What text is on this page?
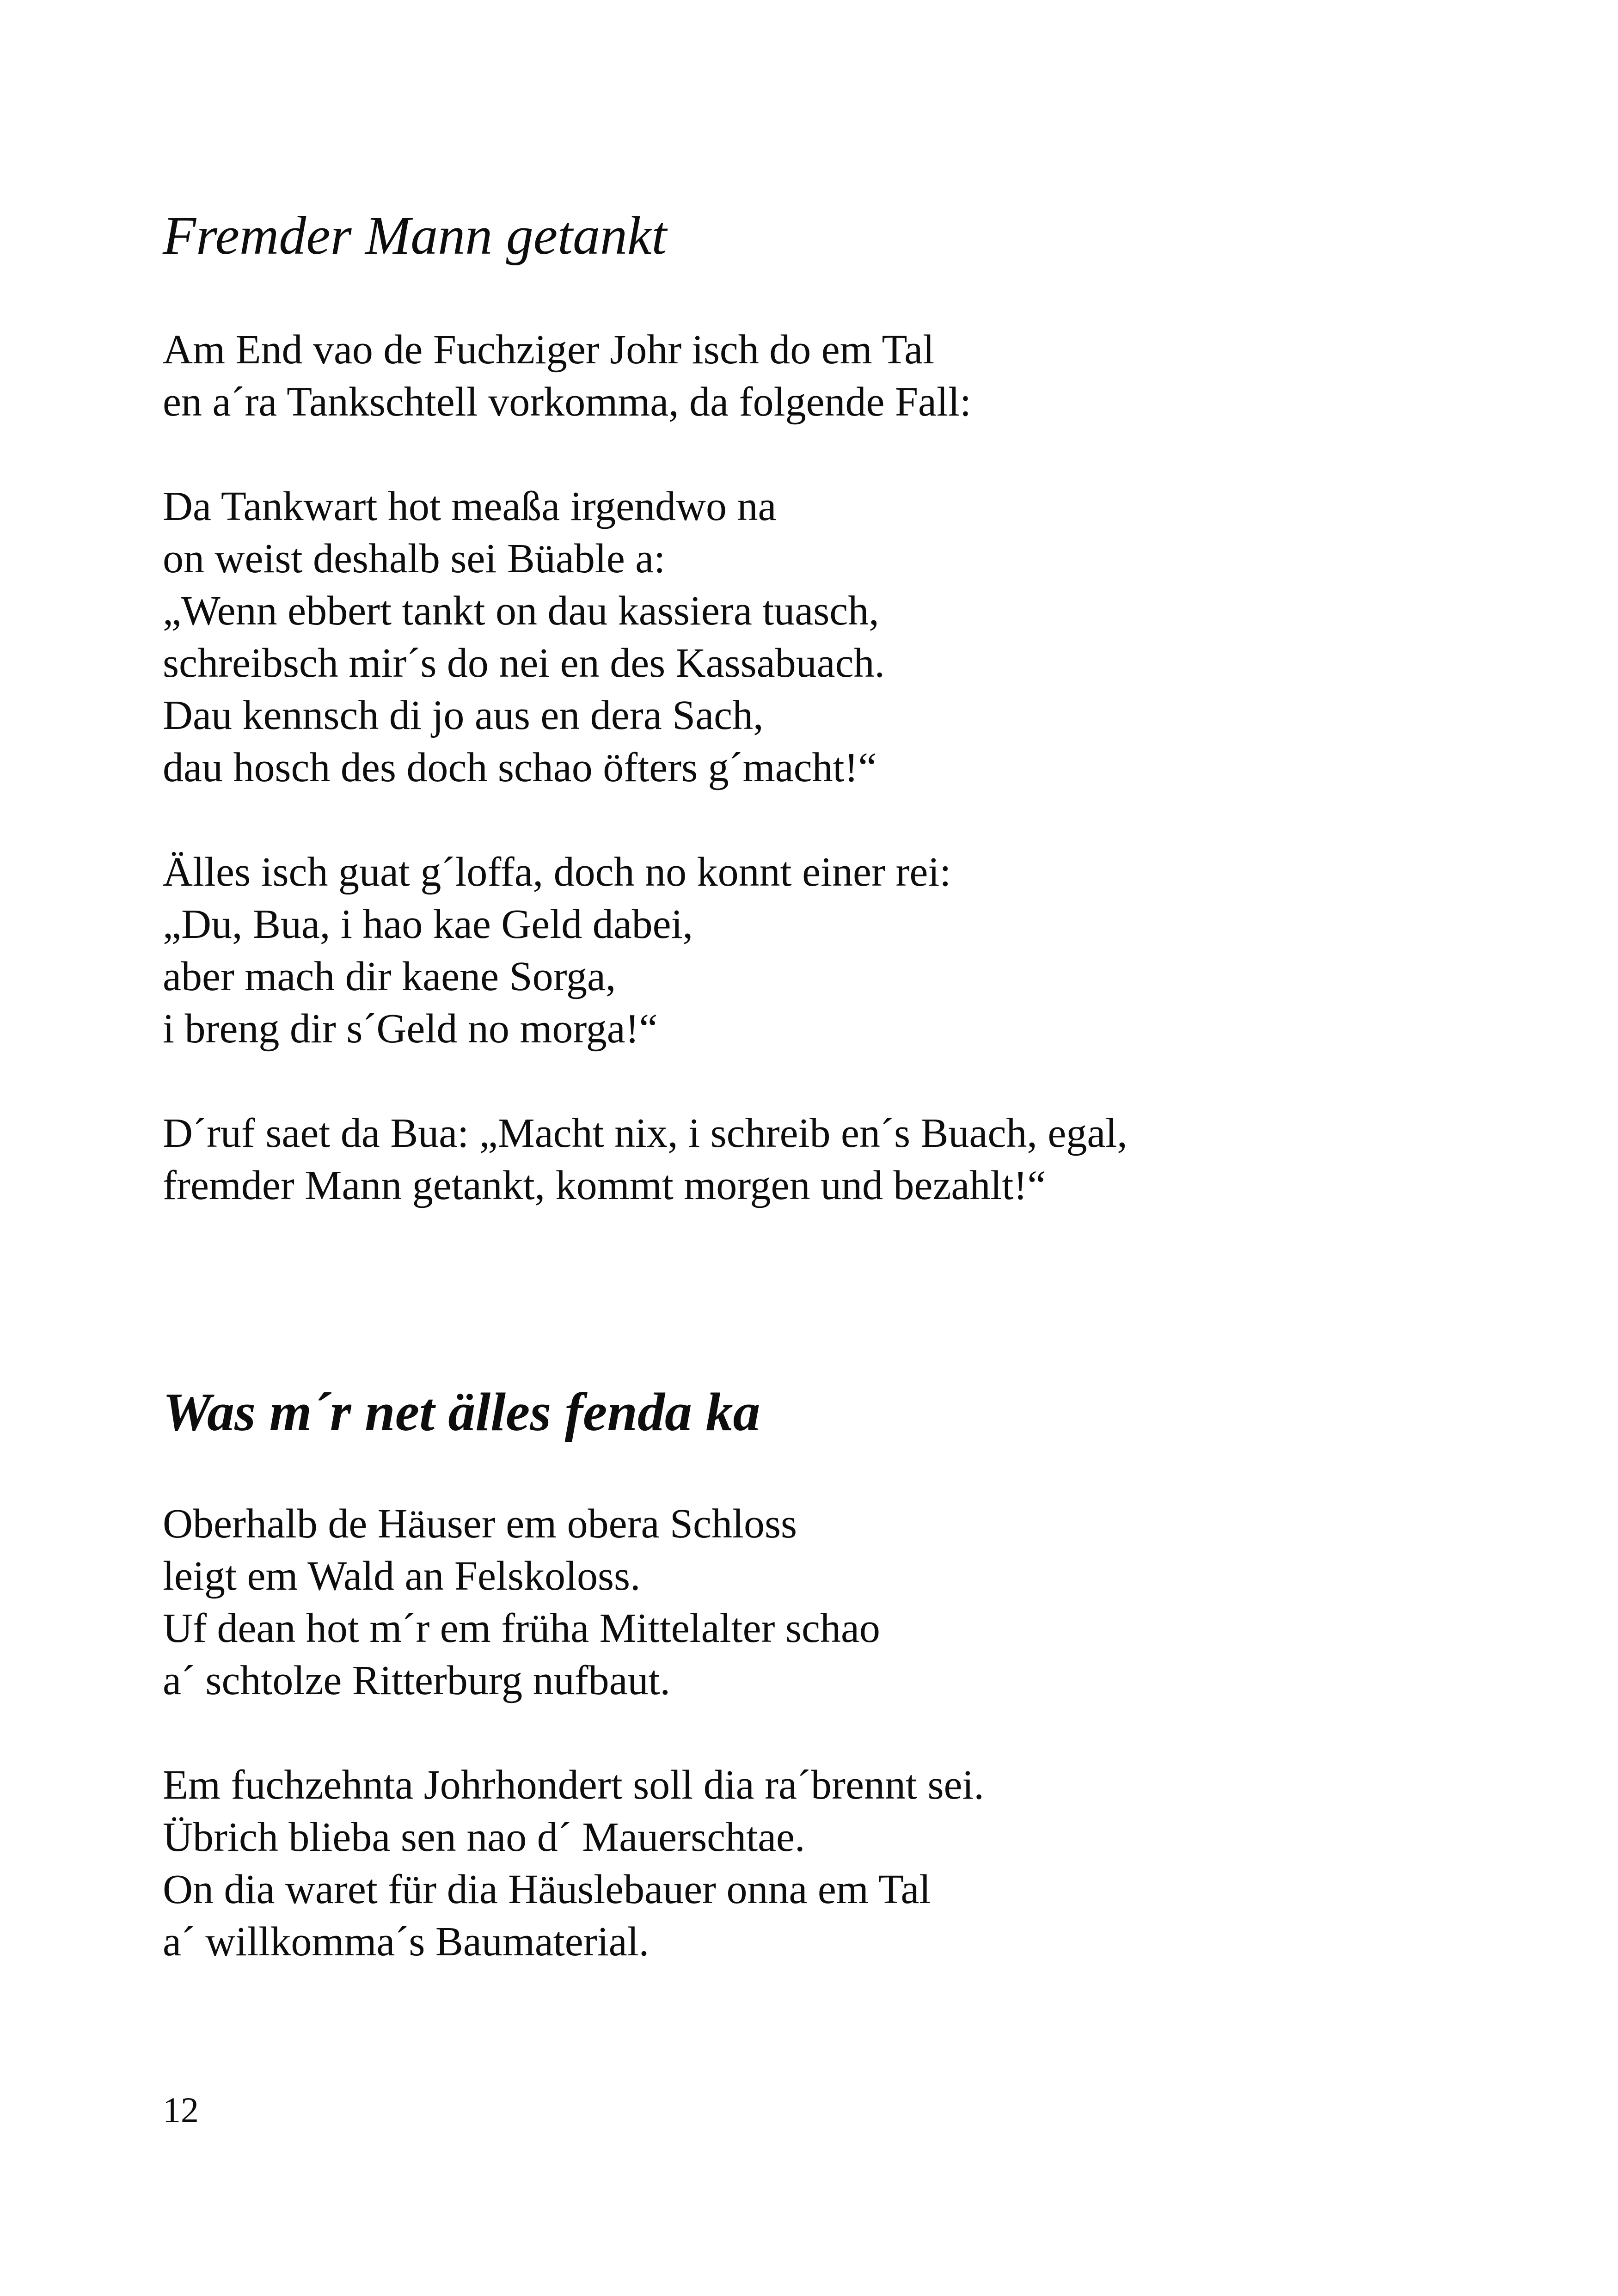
Fremder Mann getankt

Am End vao de Fuchziger Johr isch do em Tal
en a´ra Tankschtell vorkomma, da folgende Fall:

Da Tankwart hot meaßa irgendwo na
on weist deshalb sei Büable a:
„Wenn ebbert tankt on dau kassiera tuasch,
schreibsch mir´s do nei en des Kassabuach.
Dau kennsch di jo aus en dera Sach,
dau hosch des doch schao öfters g´macht!“

Älles isch guat g´loffa, doch no konnt einer rei:
„Du, Bua, i hao kae Geld dabei,
aber mach dir kaene Sorga,
i breng dir s´Geld no morga!“

D´ruf saet da Bua: „Macht nix, i schreib en´s Buach, egal,
fremder Mann getankt, kommt morgen und bezahlt!“

Was m´r net älles fenda ka

Oberhalb de Häuser em obera Schloss
leigt em Wald an Felskoloss.
Uf dean hot m´r em früha Mittelalter schao
a´ schtolze Ritterburg nufbaut.

Em fuchzehnta Johrhondert soll dia ra´brennt sei.
Übrich blieba sen nao d´ Mauerschtae.
On dia waret für dia Häuslebauer onna em Tal
a´ willkomma´s Baumaterial.

12
